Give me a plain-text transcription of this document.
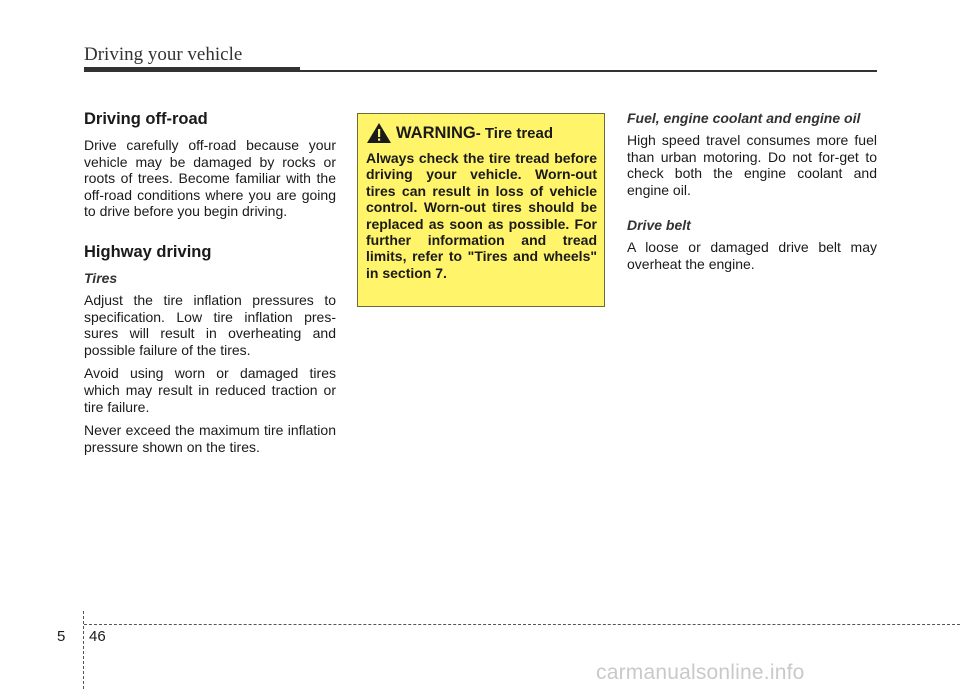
Driving your vehicle
Driving off-road

Drive carefully off-road because your vehicle may be damaged by rocks or roots of trees. Become familiar with the off-road conditions where you are going to drive before you begin driving.

Highway driving
Tires

Adjust the tire inflation pressures to specification. Low tire inflation pres-sures will result in overheating and possible failure of the tires.

Avoid using worn or damaged tires which may result in reduced traction or tire failure.

Never exceed the maximum tire inflation pressure shown on the tires.

WARNING - Tire tread

Always check the tire tread before driving your vehicle. Worn-out tires can result in loss of vehicle control. Worn-out tires should be replaced as soon as possible. For further information and tread limits, refer to "Tires and wheels" in section 7.

Fuel, engine coolant and engine oil

High speed travel consumes more fuel than urban motoring. Do not for-get to check both the engine coolant and engine oil.

Drive belt

A loose or damaged drive belt may overheat the engine.

5 46
carmanualsonline.info
